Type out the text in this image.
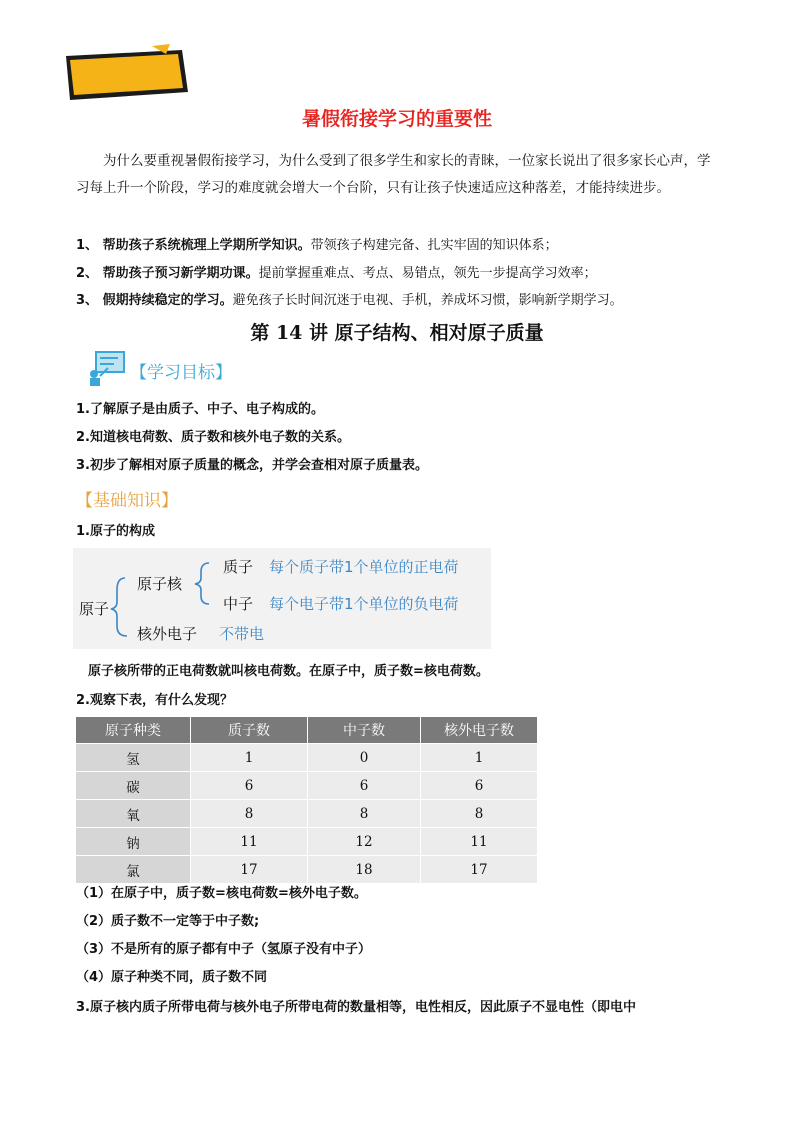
暑假衔接学习的重要性
为什么要重视暑假衔接学习，为什么受到了很多学生和家长的青睐，一位家长说出了很多家长心声，学习每上升一个阶段，学习的难度就会增大一个台阶，只有让孩子快速适应这种落差，才能持续进步。
1、 帮助孩子系统梳理上学期所学知识。带领孩子构建完备、扎实牢固的知识体系；
2、 帮助孩子预习新学期功课。提前掌握重难点、考点、易错点，领先一步提高学习效率；
3、 假期持续稳定的学习。避免孩子长时间沉迷于电视、手机，养成坏习惯，影响新学期学习。
第 14 讲 原子结构、相对原子质量
【学习目标】
1.了解原子是由质子、中子、电子构成的。
2.知道核电荷数、质子数和核外电子数的关系。
3.初步了解相对原子质量的概念，并学会查相对原子质量表。
【基础知识】
1.原子的构成
原子
原子核
质子 每个质子带1个单位的正电荷
中子 每个电子带1个单位的负电荷
核外电子 不带电
原子核所带的正电荷数就叫核电荷数。在原子中，质子数=核电荷数。
2.观察下表，有什么发现？
原子种类	质子数	中子数	核外电子数
氢	1	0	1
碳	6	6	6
氧	8	8	8
钠	11	12	11
氯	17	18	17
（1）在原子中，质子数=核电荷数=核外电子数。
（2）质子数不一定等于中子数;
（3）不是所有的原子都有中子（氢原子没有中子）
（4）原子种类不同，质子数不同
3.原子核内质子所带电荷与核外电子所带电荷的数量相等，电性相反，因此原子不显电性（即电中
